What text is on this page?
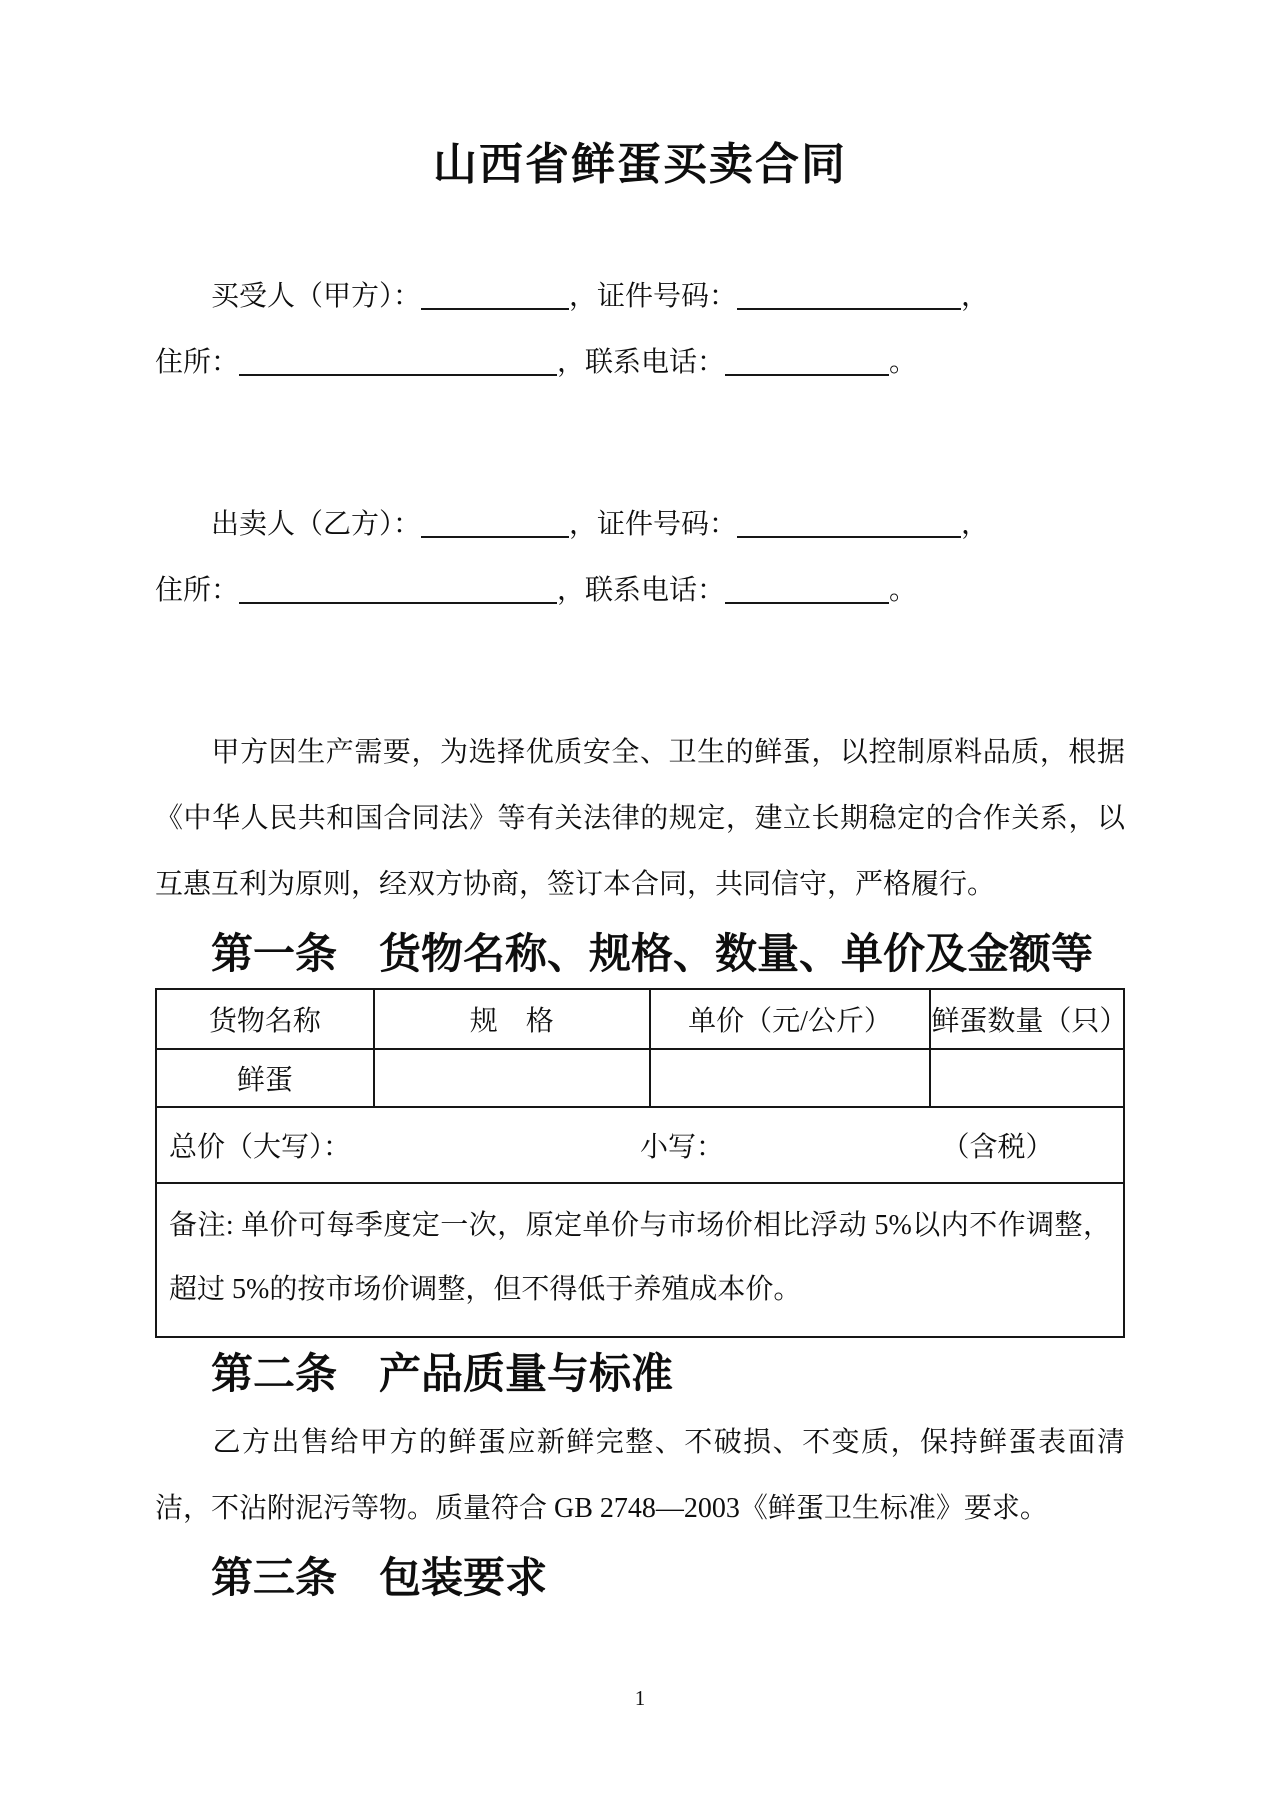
山西省鲜蛋买卖合同

买受人（甲方）：	，证件号码：	，

住所：	，联系电话：	。

出卖人（乙方）：	，证件号码：	，

住所：	，联系电话：	。

甲方因生产需要，为选择优质安全、卫生的鲜蛋，以控制原料品质，根据《中华人民共和国合同法》等有关法律的规定，建立长期稳定的合作关系，以互惠互利为原则，经双方协商，签订本合同，共同信守，严格履行。

第一条　货物名称、规格、数量、单价及金额等
货物名称	规　格	单价（元/公斤）	鲜蛋数量（只）
鲜蛋			

总价（大写）： 小写： （含税）			

备注: 单价可每季度定一次，原定单价与市场价相比浮动 5%以内不作调整，超过 5%的按市场价调整，但不得低于养殖成本价。			
第二条　产品质量与标准

乙方出售给甲方的鲜蛋应新鲜完整、不破损、不变质，保持鲜蛋表面清洁，不沾附泥污等物。质量符合 GB 2748—2003《鲜蛋卫生标准》要求。

第三条　包装要求
1
